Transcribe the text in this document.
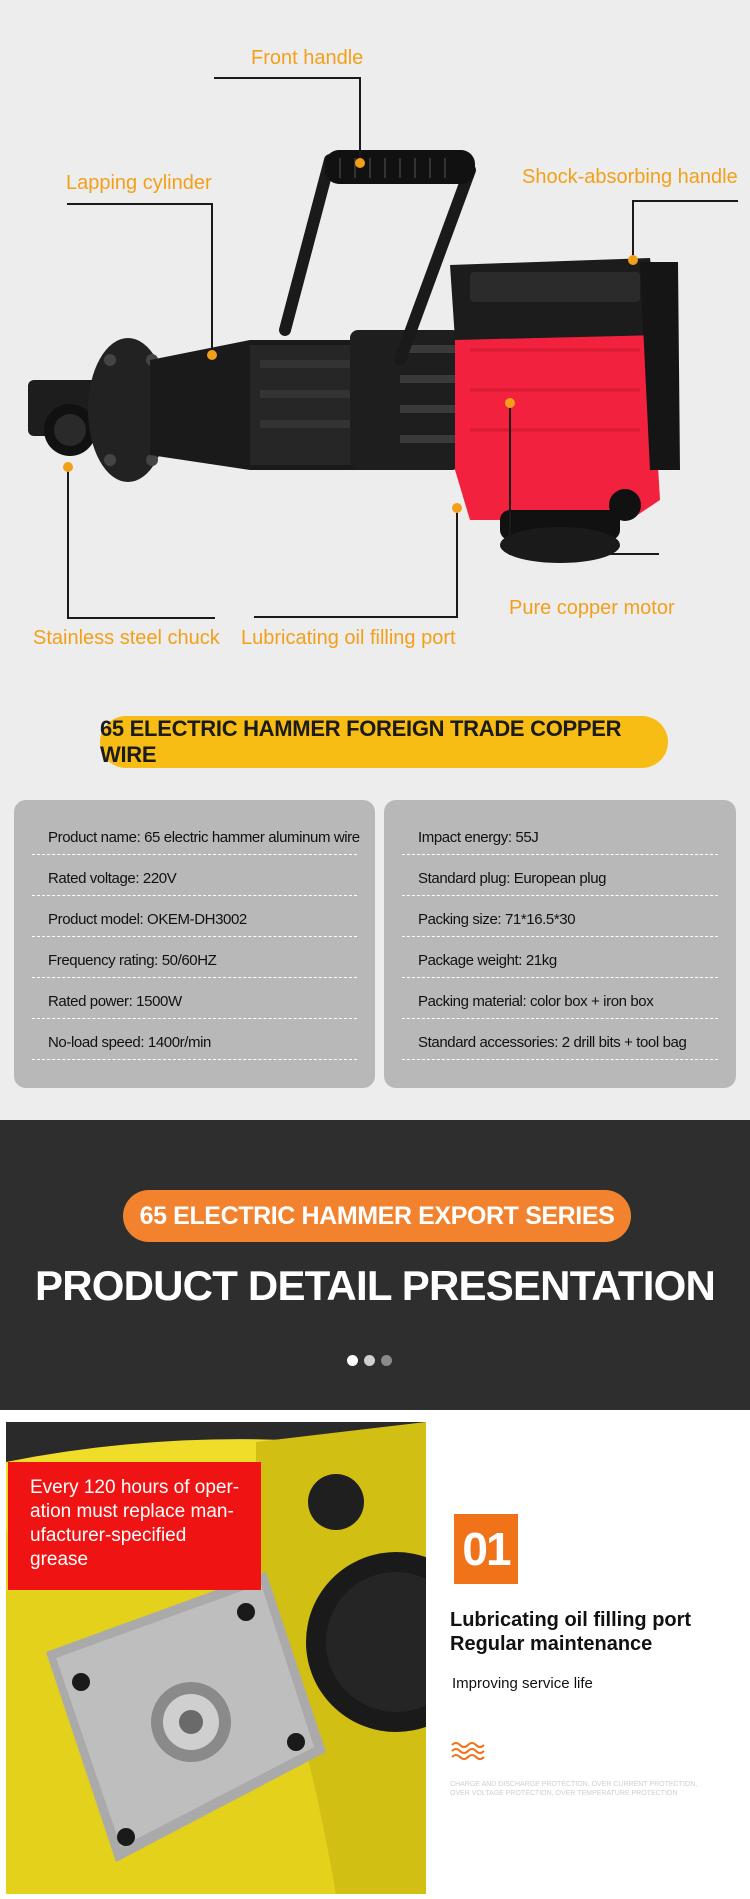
Front handle
Lapping cylinder	Shock-absorbing handle
Pure copper motor
Stainless steel chuck Lubricating oil filling port
65 ELECTRIC HAMMER FOREIGN TRADE COPPER WIRE
Product name: 65 electric hammer aluminum wire
Rated voltage: 220V
Product model: OKEM-DH3002
Frequency rating: 50/60HZ
Rated power: 1500W
No-load speed: 1400r/min
Impact energy: 55J
Standard plug: European plug
Packing size: 71*16.5*30
Package weight: 21kg
Packing material: color box + iron box
Standard accessories: 2 drill bits + tool bag
65 ELECTRIC HAMMER EXPORT SERIES
PRODUCT DETAIL PRESENTATION
Every 120 hours of oper-
ation must replace man-
ufacturer-specified
grease	01
Lubricating oil filling port
Regular maintenance
Improving service life
CHARGE AND DISCHARGE PROTECTION, OVER CURRENT PROTECTION, OVER VOLTAGE PROTECTION, OVER TEMPERATURE PROTECTION
